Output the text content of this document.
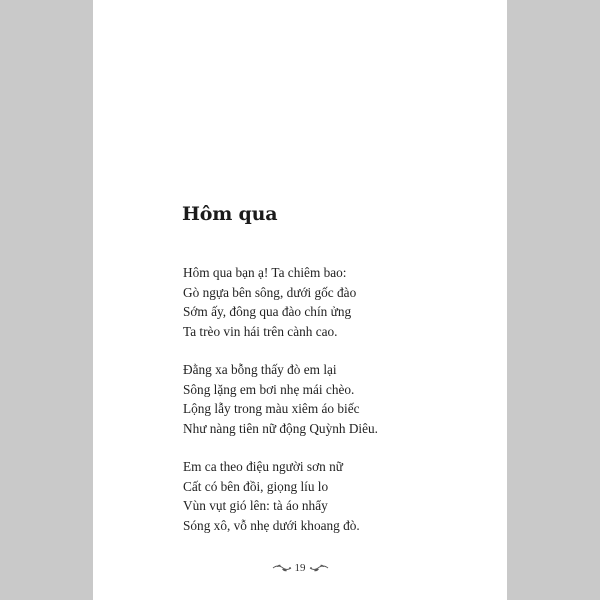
Hôm qua
Hôm qua bạn ạ! Ta chiêm bao:
Gò ngựa bên sông, dưới gốc đào
Sớm ấy, đông qua đào chín ửng
Ta trèo vin hái trên cành cao.
Đằng xa bỗng thấy đò em lại
Sông lặng em bơi nhẹ mái chèo.
Lộng lẫy trong màu xiêm áo biếc
Như nàng tiên nữ động Quỳnh Diêu.
Em ca theo điệu người sơn nữ
Cất có bên đồi, giọng líu lo
Vùn vụt gió lên: tà áo nhẩy
Sóng xô, vỗ nhẹ dưới khoang đò.
19
